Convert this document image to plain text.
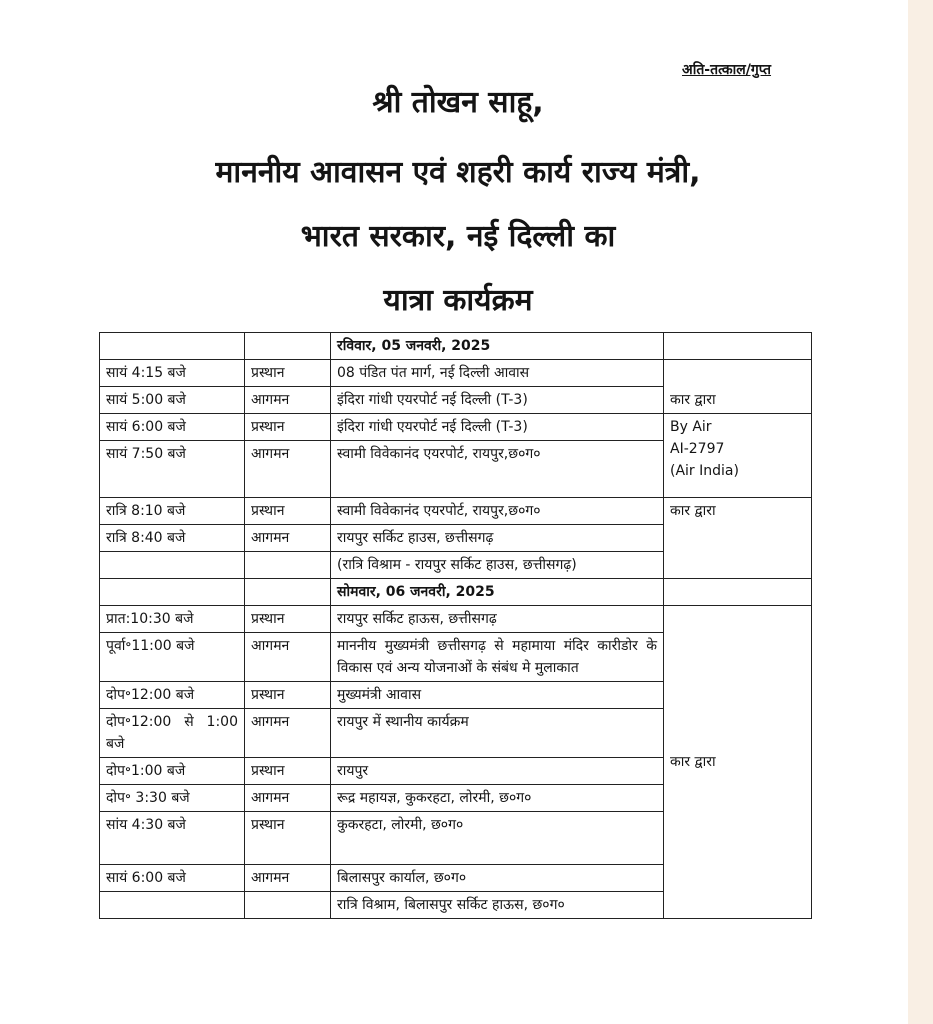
अति-तत्काल/गुप्त
श्री तोखन साहू,
माननीय आवासन एवं शहरी कार्य राज्य मंत्री,
भारत सरकार, नई दिल्ली का
यात्रा कार्यक्रम
		रविवार, 05 जनवरी, 2025	
सायं 4:15 बजे	प्रस्थान	08 पंडित पंत मार्ग, नई दिल्ली आवास	कार द्वारा
सायं 5:00 बजे	आगमन	इंदिरा गांधी एयरपोर्ट नई दिल्ली (T-3)	
सायं 6:00 बजे	प्रस्थान	इंदिरा गांधी एयरपोर्ट नई दिल्ली (T-3)	By Air
AI-2797
(Air India)

सायं 7:50 बजे	आगमन	स्वामी विवेकानंद एयरपोर्ट, रायपुर,छ०ग०	
रात्रि 8:10 बजे	प्रस्थान	स्वामी विवेकानंद एयरपोर्ट, रायपुर,छ०ग०	कार द्वारा
रात्रि 8:40 बजे	आगमन	रायपुर सर्किट हाउस, छत्तीसगढ़	
		(रात्रि विश्राम - रायपुर सर्किट हाउस, छत्तीसगढ़)	
		सोमवार, 06 जनवरी, 2025	
प्रात:10:30 बजे	प्रस्थान	रायपुर सर्किट हाऊस, छत्तीसगढ़	कार द्वारा
पूर्वा॰11:00 बजे	आगमन	माननीय मुख्यमंत्री छत्तीसगढ़ से महामाया मंदिर कारीडोर के विकास एवं अन्य योजनाओं के संबंध मे मुलाकात	
दोप॰12:00 बजे	प्रस्थान	मुख्यमंत्री आवास	
दोप॰12:00 से 1:00 बजे	आगमन	रायपुर में स्थानीय कार्यक्रम	
दोप॰1:00 बजे	प्रस्थान	रायपुर	
दोप॰ 3:30 बजे	आगमन	रूद्र महायज्ञ, कुकरहटा, लोरमी, छ०ग०	
सांय 4:30 बजे	प्रस्थान	कुकरहटा, लोरमी, छ०ग०	
सायं 6:00 बजे	आगमन	बिलासपुर कार्याल, छ०ग०	
		रात्रि विश्राम, बिलासपुर सर्किट हाऊस, छ०ग०	
